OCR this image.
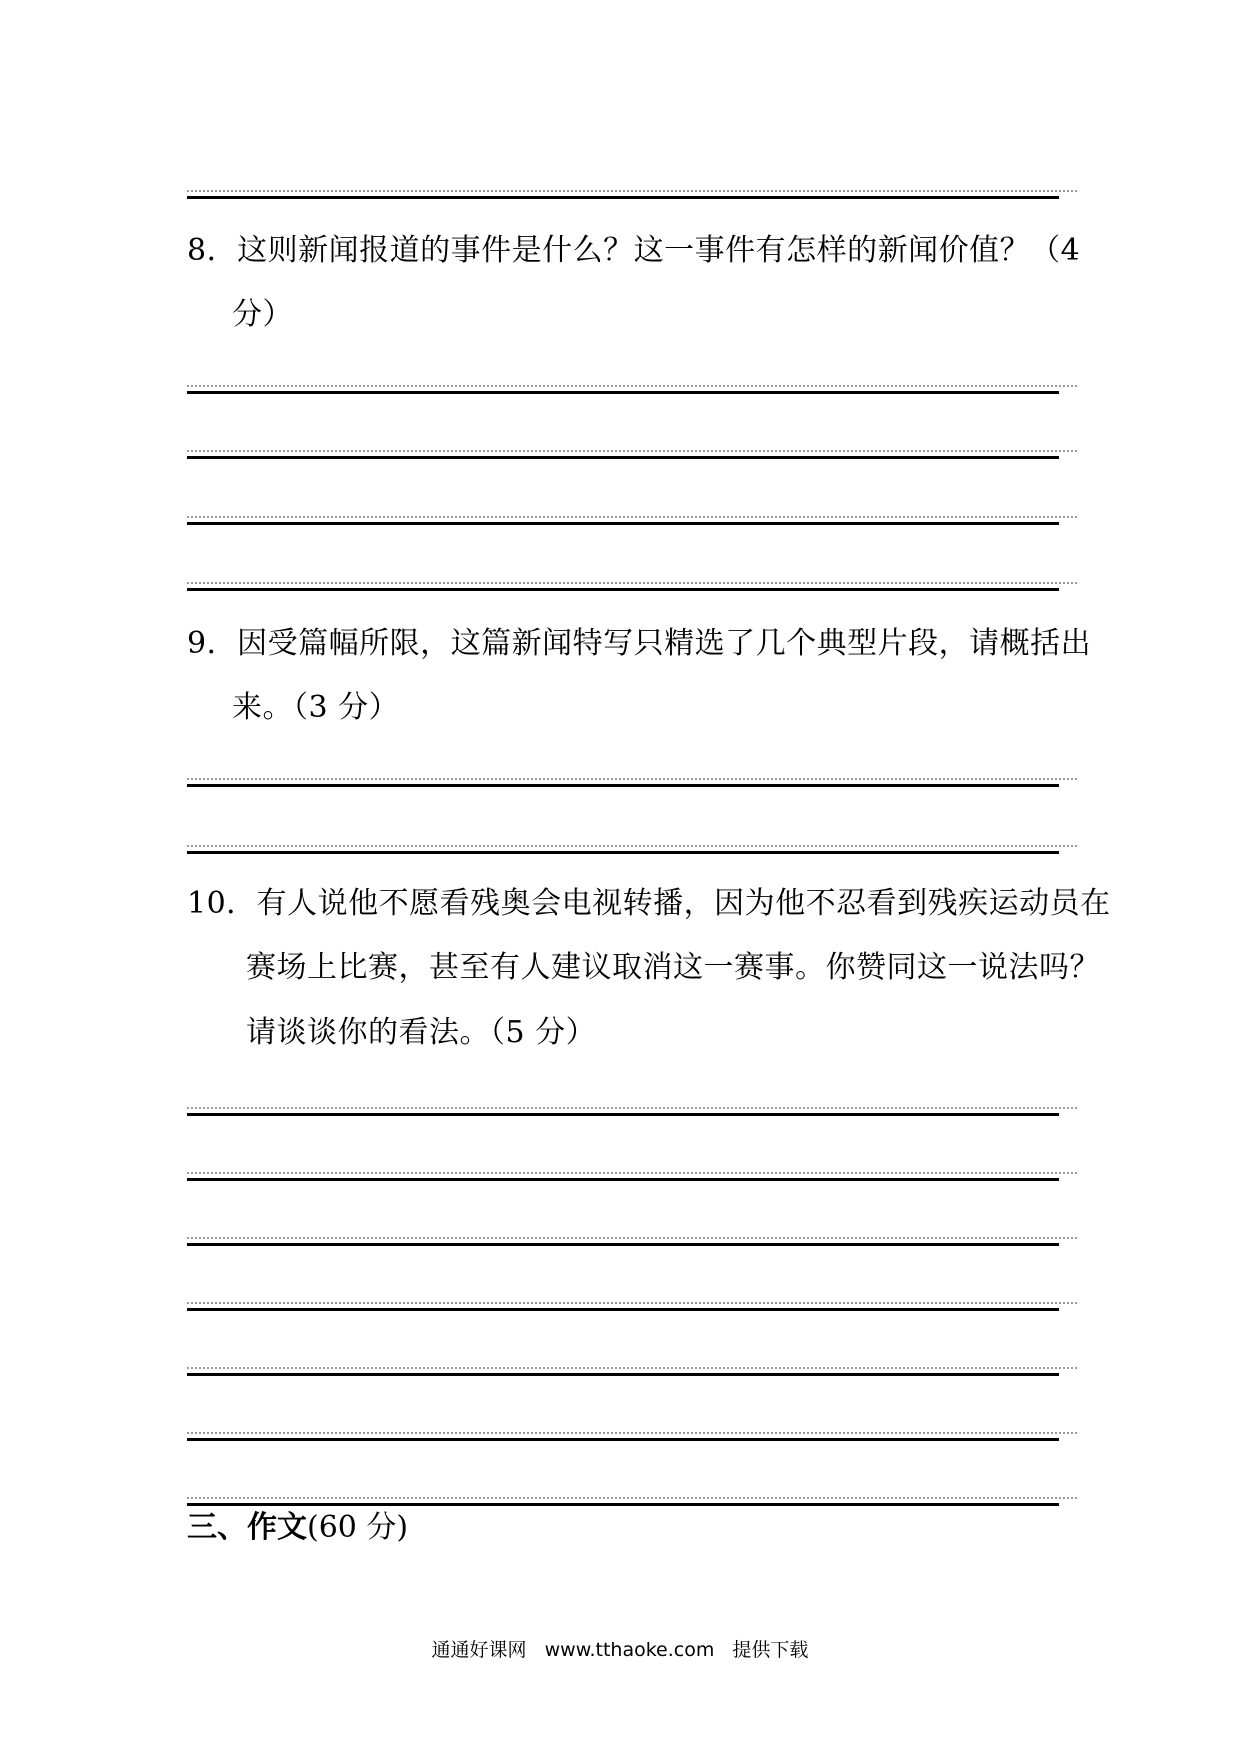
8．这则新闻报道的事件是什么？这一事件有怎样的新闻价值？（4
分）
9．因受篇幅所限，这篇新闻特写只精选了几个典型片段，请概括出
来。（3 分）
10．有人说他不愿看残奥会电视转播，因为他不忍看到残疾运动员在
赛场上比赛，甚至有人建议取消这一赛事。你赞同这一说法吗？
请谈谈你的看法。（5 分）
三、作文(60 分)
通通好课网 www.tthaoke.com 提供下载
